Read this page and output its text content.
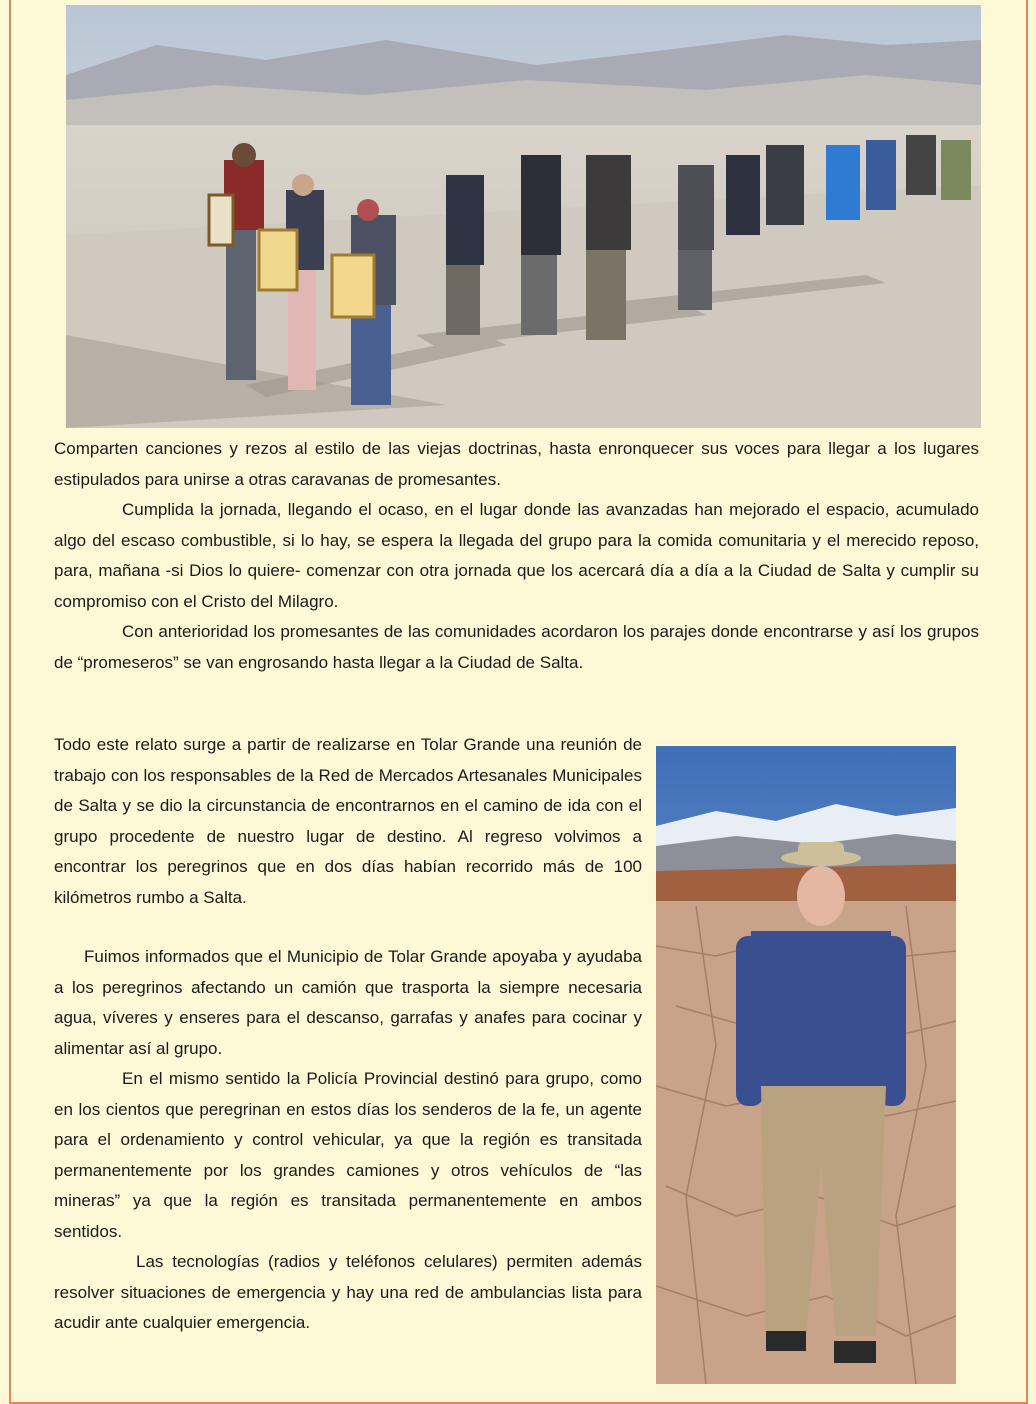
Comparten canciones y rezos al estilo de las viejas doctrinas, hasta enronquecer sus voces para llegar a los lugares estipulados para unirse a otras caravanas de promesantes.

Cumplida la jornada, llegando el ocaso, en el lugar donde las avanzadas han mejorado el espacio, acumulado algo del escaso combustible, si lo hay, se espera la llegada del grupo para la comida comunitaria y el merecido reposo, para, mañana -si Dios lo quiere- comenzar con otra jornada que los acercará día a día a la Ciudad de Salta y cumplir su compromiso con el Cristo del Milagro.

Con anterioridad los promesantes de las comunidades acordaron los parajes donde encontrarse y así los grupos de “promeseros” se van engrosando hasta llegar a la Ciudad de Salta.

Todo este relato surge a partir de realizarse en Tolar Grande una reunión de trabajo con los responsables de la Red de Mercados Artesanales Municipales de Salta y se dio la circunstancia de encontrarnos en el camino de ida con el grupo procedente de nuestro lugar de destino. Al regreso volvimos a encontrar los peregrinos que en dos días habían recorrido más de 100 kilómetros rumbo a Salta.

Fuimos informados que el Municipio de Tolar Grande apoyaba y ayudaba a los peregrinos afectando un camión que trasporta la siempre necesaria agua, víveres y enseres para el descanso, garrafas y anafes para cocinar y alimentar así al grupo.

En el mismo sentido la Policía Provincial destinó para grupo, como en los cientos que peregrinan en estos días los senderos de la fe, un agente para el ordenamiento y control vehicular, ya que la región es transitada permanentemente por los grandes camiones y otros vehículos de “las mineras” ya que la región es transitada permanentemente en ambos sentidos.

Las tecnologías (radios y teléfonos celulares) permiten además resolver situaciones de emergencia y hay una red de ambulancias lista para acudir ante cualquier emergencia.
